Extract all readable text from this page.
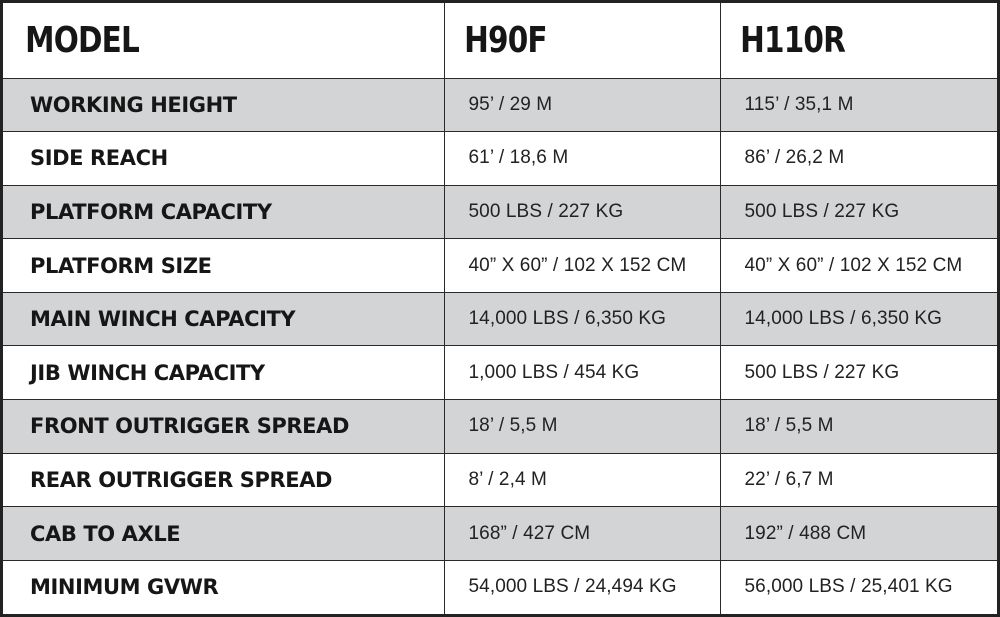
MODEL	H90F	H110R
WORKING HEIGHT	95’ / 29 M	115’ / 35,1 M
SIDE REACH	61’ / 18,6 M	86’ / 26,2 M
PLATFORM CAPACITY	500 LBS / 227 KG	500 LBS / 227 KG
PLATFORM SIZE	40” X 60” / 102 X 152 CM	40” X 60” / 102 X 152 CM
MAIN WINCH CAPACITY	14,000 LBS / 6,350 KG	14,000 LBS / 6,350 KG
JIB WINCH CAPACITY	1,000 LBS / 454 KG	500 LBS / 227 KG
FRONT OUTRIGGER SPREAD	18’ / 5,5 M	18’ / 5,5 M
REAR OUTRIGGER SPREAD	8’ / 2,4 M	22’ / 6,7 M
CAB TO AXLE	168” / 427 CM	192” / 488 CM
MINIMUM GVWR	54,000 LBS / 24,494 KG	56,000 LBS / 25,401 KG
